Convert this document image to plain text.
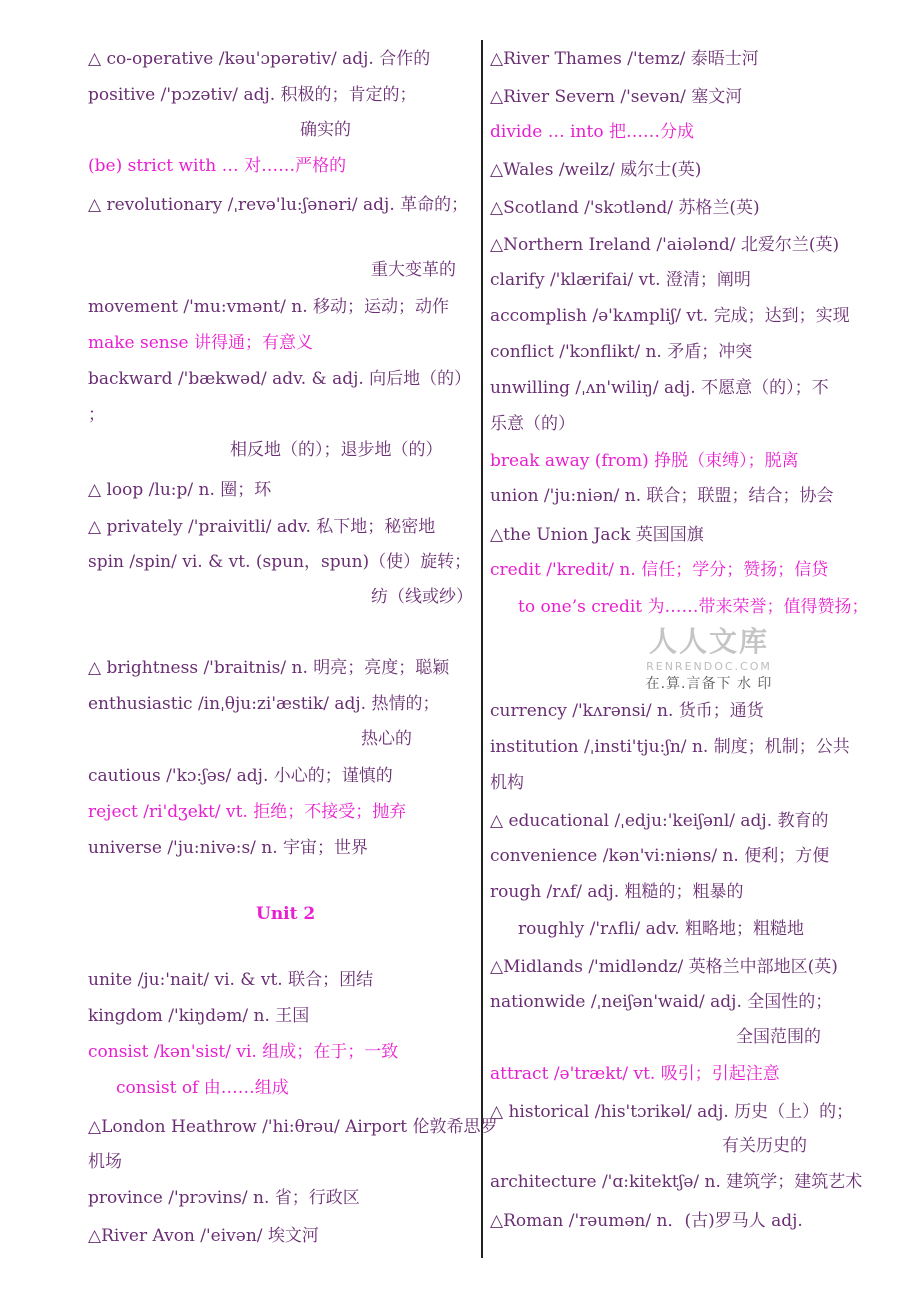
△ co-operative /kəu'ɔpərətiv/ adj. 合作的
positive /'pɔzətiv/ adj. 积极的；肯定的；
确实的
(be) strict with … 对……严格的
△ revolutionary /ˌrevə'lu:ʃənəri/ adj. 革命的；
重大变革的
movement /'mu:vmənt/ n. 移动；运动；动作
make sense 讲得通；有意义
backward /'bækwəd/ adv. & adj. 向后地（的）
；
相反地（的）；退步地（的）
△ loop /lu:p/ n. 圈；环
△ privately /'praivitli/ adv. 私下地；秘密地
spin /spin/ vi. & vt. (spun，spun)（使）旋转；
纺（线或纱）
△ brightness /'braitnis/ n. 明亮；亮度；聪颖
enthusiastic /inˌθju:zi'æstik/ adj. 热情的；
热心的
cautious /'kɔ:ʃəs/ adj. 小心的；谨慎的
reject /ri'dʒekt/ vt. 拒绝；不接受；抛弃
universe /'ju:nivə:s/ n. 宇宙；世界
Unit 2
unite /ju:'nait/ vi. & vt. 联合；团结
kingdom /'kiŋdəm/ n. 王国
consist /kən'sist/ vi. 组成；在于；一致
consist of 由……组成
△London Heathrow /'hi:θrəu/ Airport 伦敦希思罗
机场
province /'prɔvins/ n. 省；行政区
△River Avon /'eivən/ 埃文河
△River Thames /'temz/ 泰晤士河
△River Severn /'sevən/ 塞文河
divide … into 把……分成
△Wales /weilz/ 威尔士(英)
△Scotland /'skɔtlənd/ 苏格兰(英)
△Northern Ireland /'aiələnd/ 北爱尔兰(英)
clarify /'klærifai/ vt. 澄清；阐明
accomplish /ə'kʌmpliʃ/ vt. 完成；达到；实现
conflict /'kɔnflikt/ n. 矛盾；冲突
unwilling /ˌʌn'wiliŋ/ adj. 不愿意（的）；不
乐意（的）
break away (from) 挣脱（束缚）；脱离
union /'ju:niən/ n. 联合；联盟；结合；协会
△the Union Jack 英国国旗
credit /'kredit/ n. 信任；学分；赞扬；信贷
to one’s credit 为……带来荣誉；值得赞扬；
人人文库
RENRENDOC.COM
在.算.言备下 水 印
currency /'kʌrənsi/ n. 货币；通货
institution /ˌinsti'tju:ʃn/ n. 制度；机制；公共
机构
△ educational /ˌedju:'keiʃənl/ adj. 教育的
convenience /kən'vi:niəns/ n. 便利；方便
rough /rʌf/ adj. 粗糙的；粗暴的
roughly /'rʌfli/ adv. 粗略地；粗糙地
△Midlands /'midləndz/ 英格兰中部地区(英)
nationwide /ˌneiʃən'waid/ adj. 全国性的；
全国范围的
attract /ə'trækt/ vt. 吸引；引起注意
△ historical /his'tɔrikəl/ adj. 历史（上）的；
有关历史的
architecture /'ɑ:kitektʃə/ n. 建筑学；建筑艺术
△Roman /'rəumən/ n．(古)罗马人 adj.
